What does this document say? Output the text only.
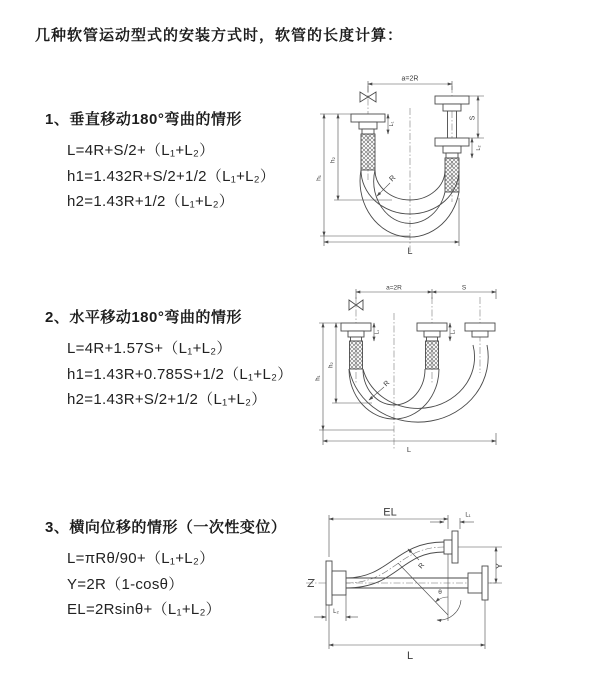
几种软管运动型式的安装方式时，软管的长度计算：
1、垂直移动180°弯曲的情形
L=4R+S/2+（L₁+L₂）
h1=1.432R+S/2+1/2（L₁+L₂）
h2=1.43R+1/2（L₁+L₂）
2、水平移动180°弯曲的情形
L=4R+1.57S+（L₁+L₂）
h1=1.43R+0.785S+1/2（L₁+L₂）
h2=1.43R+S/2+1/2（L₁+L₂）
3、横向位移的情形（一次性变位）
L=πRθ/90+（L₁+L₂）
Y=2R（1-cosθ）
EL=2Rsinθ+（L₁+L₂）
a=2R
h₂
h₁
S
L₂
L₁
R
L
a=2R	S
h₂
h₁
L₁	L₂
R
L
θ
EL	L₁
Y
R
L₂
L
